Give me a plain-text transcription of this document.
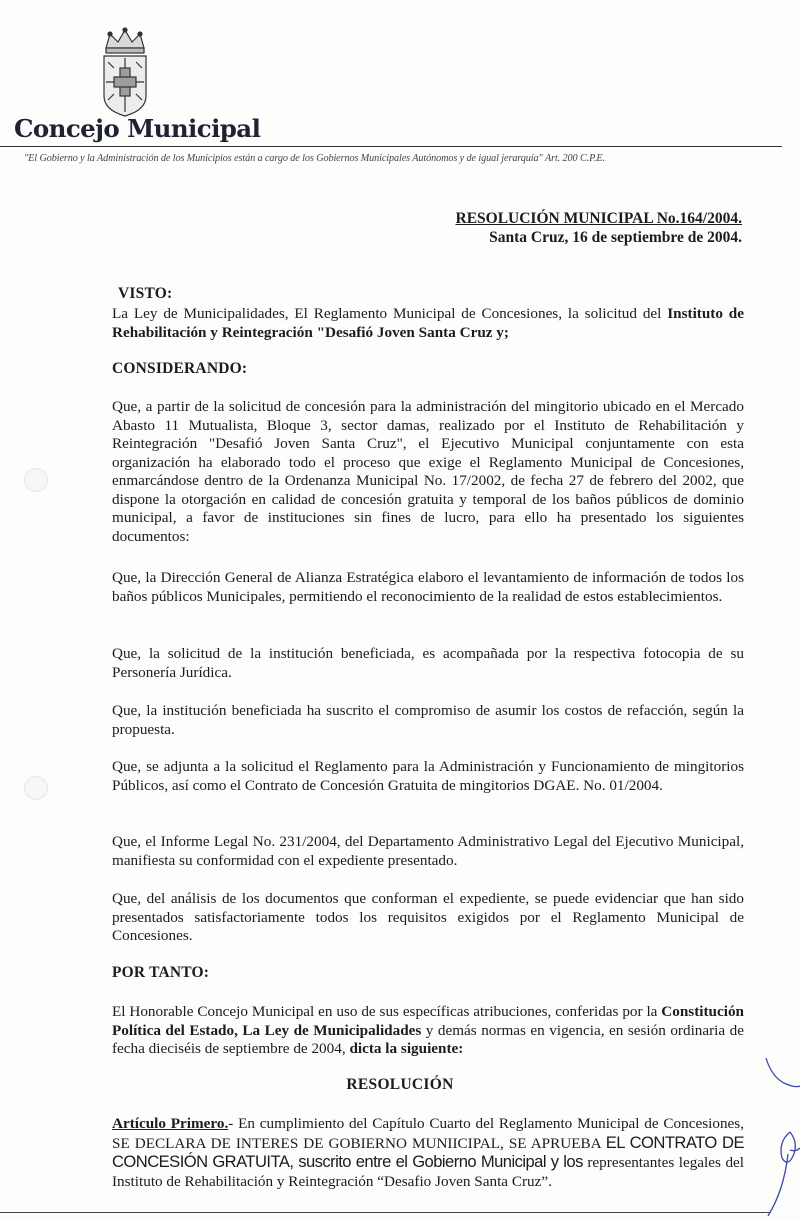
Concejo Municipal

"El Gobierno y la Administración de los Municipios están a cargo de los Gobiernos Municipales Autónomos y de igual jerarquía" Art. 200 C.P.E.

RESOLUCIÓN MUNICIPAL No.164/2004.
Santa Cruz, 16 de septiembre de 2004.
VISTO:

La Ley de Municipalidades, El Reglamento Municipal de Concesiones, la solicitud del Instituto de Rehabilitación y Reintegración "Desafió Joven Santa Cruz y;

CONSIDERANDO:

Que, a partir de la solicitud de concesión para la administración del mingitorio ubicado en el Mercado Abasto 11 Mutualista, Bloque 3, sector damas, realizado por el Instituto de Rehabilitación y Reintegración "Desafió Joven Santa Cruz", el Ejecutivo Municipal conjuntamente con esta organización ha elaborado todo el proceso que exige el Reglamento Municipal de Concesiones, enmarcándose dentro de la Ordenanza Municipal No. 17/2002, de fecha 27 de febrero del 2002, que dispone la otorgación en calidad de concesión gratuita y temporal de los baños públicos de dominio municipal, a favor de instituciones sin fines de lucro, para ello ha presentado los siguientes documentos:

Que, la Dirección General de Alianza Estratégica elaboro el levantamiento de información de todos los baños públicos Municipales, permitiendo el reconocimiento de la realidad de estos establecimientos.

Que, la solicitud de la institución beneficiada, es acompañada por la respectiva fotocopia de su Personería Jurídica.

Que, la institución beneficiada ha suscrito el compromiso de asumir los costos de refacción, según la propuesta.

Que, se adjunta a la solicitud el Reglamento para la Administración y Funcionamiento de mingitorios Públicos, así como el Contrato de Concesión Gratuita de mingitorios DGAE. No. 01/2004.

Que, el Informe Legal No. 231/2004, del Departamento Administrativo Legal del Ejecutivo Municipal, manifiesta su conformidad con el expediente presentado.

Que, del análisis de los documentos que conforman el expediente, se puede evidenciar que han sido presentados satisfactoriamente todos los requisitos exigidos por el Reglamento Municipal de Concesiones.

POR TANTO:

El Honorable Concejo Municipal en uso de sus específicas atribuciones, conferidas por la Constitución Política del Estado, La Ley de Municipalidades y demás normas en vigencia, en sesión ordinaria de fecha dieciséis de septiembre de 2004, dicta la siguiente:

RESOLUCIÓN

Artículo Primero.- En cumplimiento del Capítulo Cuarto del Reglamento Municipal de Concesiones, SE DECLARA DE INTERES DE GOBIERNO MUNIICIPAL, SE APRUEBA EL CONTRATO DE CONCESIÓN GRATUITA, suscrito entre el Gobierno Municipal y los representantes legales del Instituto de Rehabilitación y Reintegración “Desafio Joven Santa Cruz”.
